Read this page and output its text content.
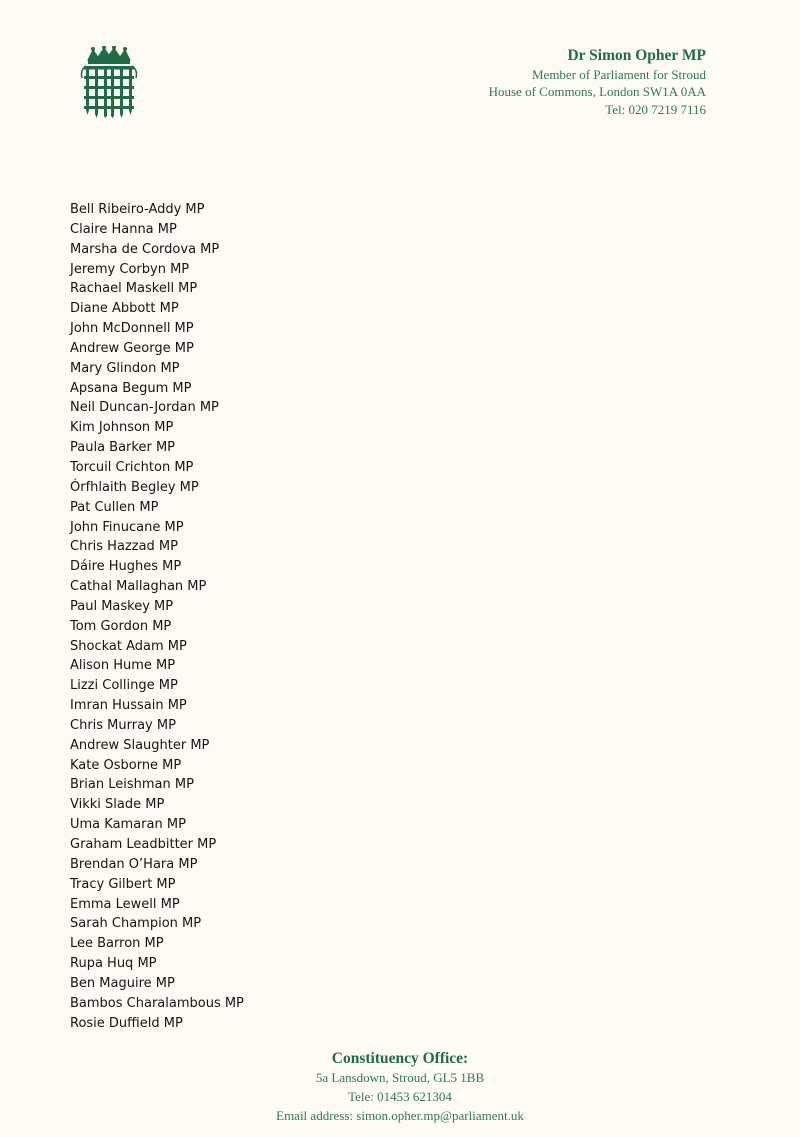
Dr Simon Opher MP
Member of Parliament for Stroud
House of Commons, London SW1A 0AA
Tel: 020 7219 7116
Bell Ribeiro-Addy MP
Claire Hanna MP
Marsha de Cordova MP
Jeremy Corbyn MP
Rachael Maskell MP
Diane Abbott MP
John McDonnell MP
Andrew George MP
Mary Glindon MP
Apsana Begum MP
Neil Duncan-Jordan MP
Kim Johnson MP
Paula Barker MP
Torcuil Crichton MP
Órfhlaith Begley MP
Pat Cullen MP
John Finucane MP
Chris Hazzad MP
Dáire Hughes MP
Cathal Mallaghan MP
Paul Maskey MP
Tom Gordon MP
Shockat Adam MP
Alison Hume MP
Lizzi Collinge MP
Imran Hussain MP
Chris Murray MP
Andrew Slaughter MP
Kate Osborne MP
Brian Leishman MP
Vikki Slade MP
Uma Kamaran MP
Graham Leadbitter MP
Brendan O’Hara MP
Tracy Gilbert MP
Emma Lewell MP
Sarah Champion MP
Lee Barron MP
Rupa Huq MP
Ben Maguire MP
Bambos Charalambous MP
Rosie Duffield MP
Constituency Office:
5a Lansdown, Stroud, GL5 1BB
Tele: 01453 621304
Email address: simon.opher.mp@parliament.uk
